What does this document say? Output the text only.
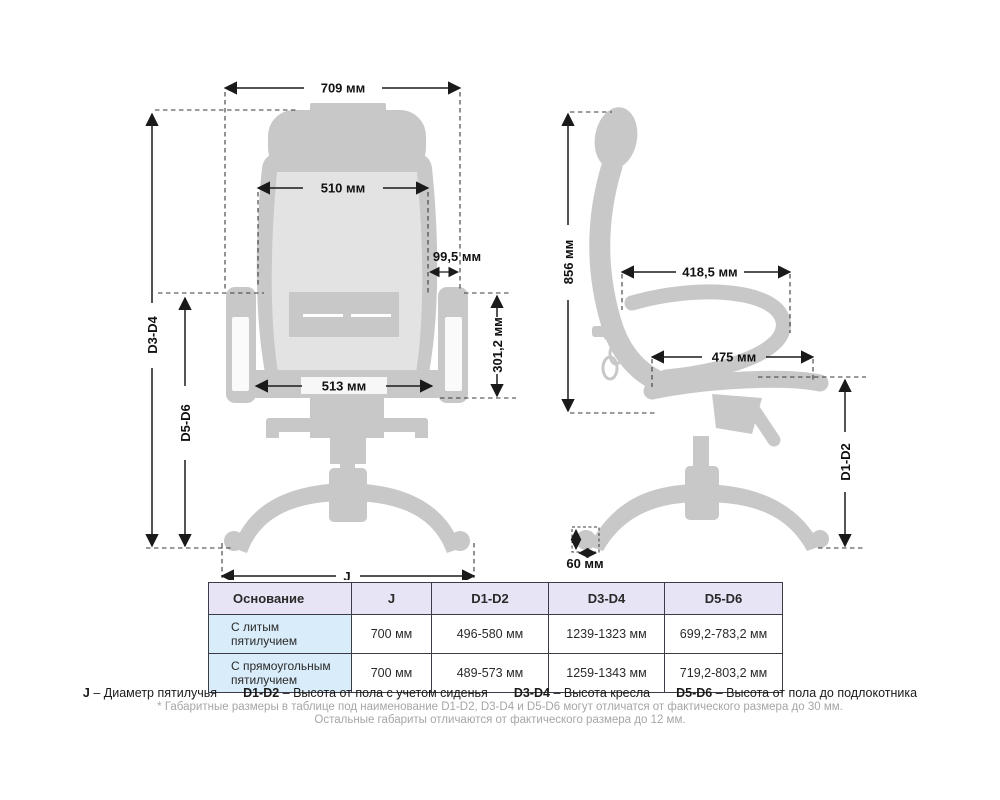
709 мм
510 мм
99,5 мм
D3-D4
D5-D6
301,2 мм
513 мм
J
856 мм	418,5 мм
475 мм
D1-D2
60 мм
Основание	J	D1-D2	D3-D4	D5-D6
С литым пятилучием	700 мм	496-580 мм	1239-1323 мм	699,2-783,2 мм
С прямоугольным пятилучием	700 мм	489-573 мм	1259-1343 мм	719,2-803,2 мм
J – Диаметр пятилучья D1-D2 – Высота от пола с учетом сиденья D3-D4 – Высота кресла D5-D6 – Высота от пола до подлокотника
* Габаритные размеры в таблице под наименование D1-D2, D3-D4 и D5-D6 могут отличатся от фактического размера до 30 мм.
Остальные габариты отличаются от фактического размера до 12 мм.
